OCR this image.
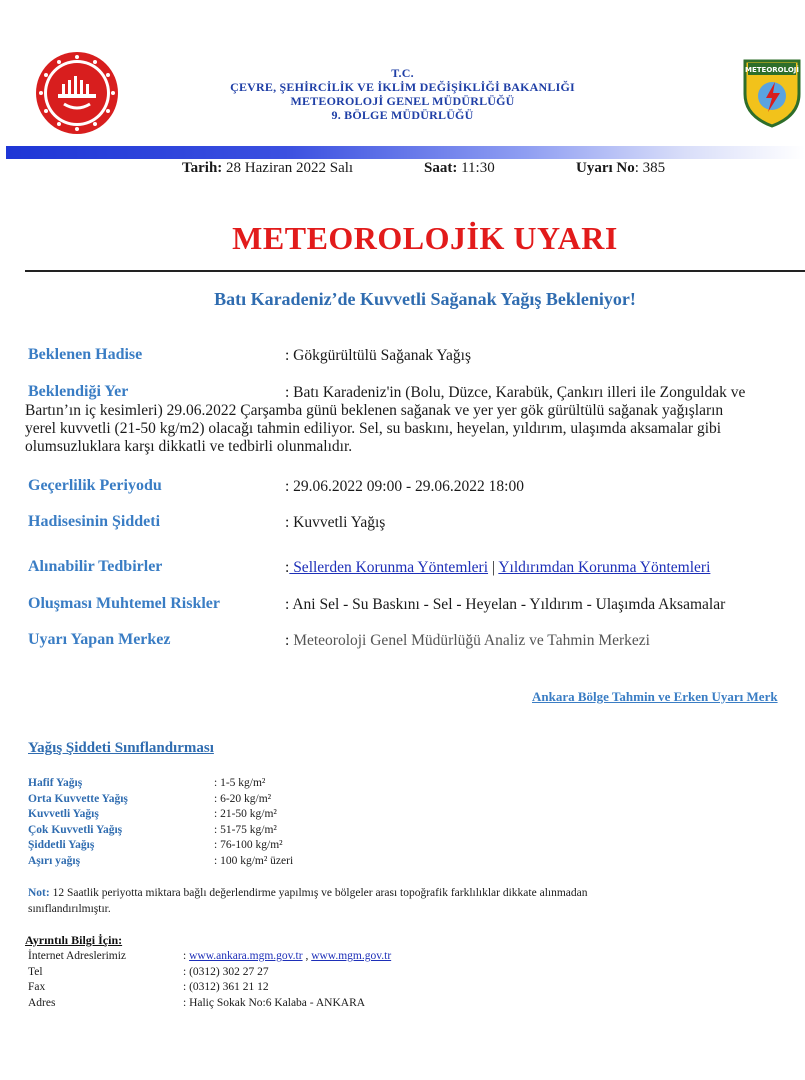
METEOROLOJİ
T.C.
ÇEVRE, ŞEHİRCİLİK VE İKLİM DEĞİŞİKLİĞİ BAKANLIĞI
METEOROLOJİ GENEL MÜDÜRLÜĞÜ
9. BÖLGE MÜDÜRLÜĞÜ
Tarih: 28 Haziran 2022 Salı	Saat: 11:30	Uyarı No: 385
METEOROLOJİK UYARI
Batı Karadeniz’de Kuvvetli Sağanak Yağış Bekleniyor!
Beklenen Hadise	: Gökgürültülü Sağanak Yağış
Beklendiği Yer	: Batı Karadeniz'in (Bolu, Düzce, Karabük, Çankırı illeri ile Zonguldak ve
Bartın’ın iç kesimleri) 29.06.2022 Çarşamba günü beklenen sağanak ve yer yer gök gürültülü sağanak yağışların
yerel kuvvetli (21-50 kg/m2) olacağı tahmin ediliyor. Sel, su baskını, heyelan, yıldırım, ulaşımda aksamalar gibi
olumsuzluklara karşı dikkatli ve tedbirli olunmalıdır.
Geçerlilik Periyodu	: 29.06.2022 09:00 - 29.06.2022 18:00
Hadisesinin Şiddeti	: Kuvvetli Yağış
Alınabilir Tedbirler	: Sellerden Korunma Yöntemleri | Yıldırımdan Korunma Yöntemleri
Oluşması Muhtemel Riskler	: Ani Sel - Su Baskını - Sel - Heyelan - Yıldırım - Ulaşımda Aksamalar
Uyarı Yapan Merkez	: Meteoroloji Genel Müdürlüğü Analiz ve Tahmin Merkezi
Ankara Bölge Tahmin ve Erken Uyarı Merk
Yağış Şiddeti Sınıflandırması
Hafif Yağış	: 1-5 kg/m²
Orta Kuvvette Yağış	: 6-20 kg/m²
Kuvvetli Yağış	: 21-50 kg/m²
Çok Kuvvetli Yağış	: 51-75 kg/m²
Şiddetli Yağış	: 76-100 kg/m²
Aşırı yağış	: 100 kg/m² üzeri
Not: 12 Saatlik periyotta miktara bağlı değerlendirme yapılmış ve bölgeler arası topoğrafik farklılıklar dikkate alınmadan
sınıflandırılmıştır.
Ayrıntılı Bilgi İçin:
İnternet Adreslerimiz	: www.ankara.mgm.gov.tr , www.mgm.gov.tr
Tel	: (0312) 302 27 27
Fax	: (0312) 361 21 12
Adres	: Haliç Sokak No:6 Kalaba - ANKARA
